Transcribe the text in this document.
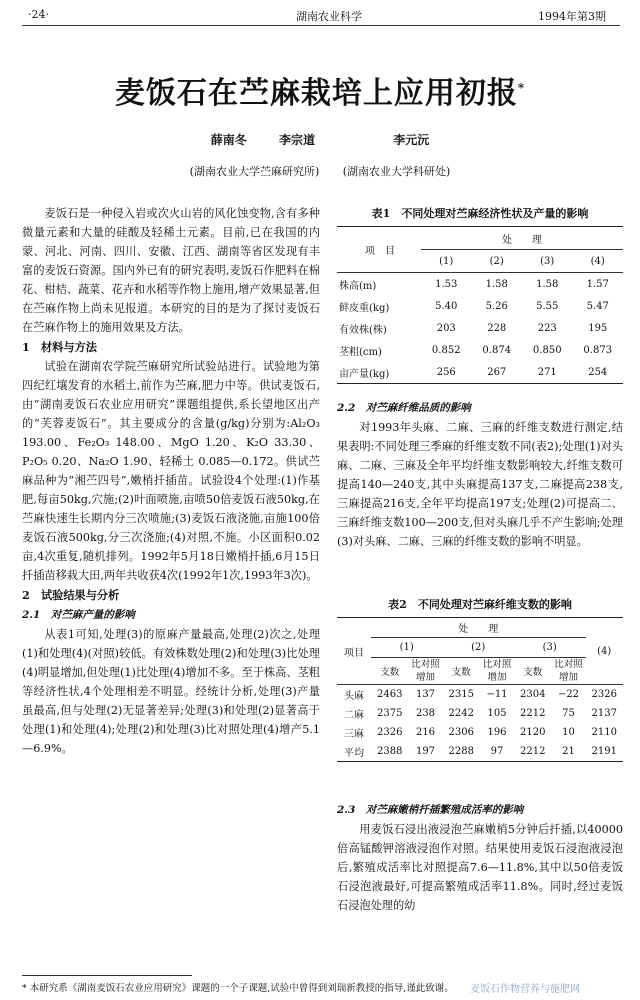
·24·	湖南农业科学	1994年第3期
麦饭石在苎麻栽培上应用初报*
薛南冬	李宗道	李元沅
(湖南农业大学苎麻研究所) (湖南农业大学科研处)

麦饭石是一种侵入岩或次火山岩的风化蚀变物,含有多种微量元素和大量的硅酸及轻稀土元素。目前,已在我国的内蒙、河北、河南、四川、安徽、江西、湖南等省区发现有丰富的麦饭石资源。国内外已有的研究表明,麦饭石作肥料在棉花、柑桔、蔬菜、花卉和水稻等作物上施用,增产效果显著,但在苎麻作物上尚未见报道。本研究的目的是为了探讨麦饭石在苎麻作物上的施用效果及方法。

1　材料与方法

试验在湖南农学院苎麻研究所试验站进行。试验地为第四纪红壤发育的水稻土,前作为苎麻,肥力中等。供试麦饭石,由“湖南麦饭石农业应用研究”课题组提供,系长望地区出产的“芙蓉麦饭石”。其主要成分的含量(g/kg)分别为:Al₂O₃ 193.00、Fe₂O₃ 148.00、MgO 1.20、K₂O 33.30、P₂O₅ 0.20、Na₂O 1.90、轻稀土 0.085—0.172。供试苎麻品种为“湘苎四号”,嫩梢扦插苗。试验设4个处理:(1)作基肥,每亩50kg,穴施;(2)叶面喷施,亩喷50倍麦饭石液50kg,在苎麻快速生长期内分三次喷施;(3)麦饭石液浇施,亩施100倍麦饭石液500kg,分三次浇施;(4)对照,不施。小区面积0.02亩,4次重复,随机排列。1992年5月18日嫩梢扦插,6月15日扦插苗移栽大田,两年共收获4次(1992年1次,1993年3次)。

2　试验结果与分析
2.1　对苎麻产量的影响

从表1可知,处理(3)的原麻产量最高,处理(2)次之,处理(1)和处理(4)(对照)较低。有效株数处理(2)和处理(3)比处理(4)明显增加,但处理(1)比处理(4)增加不多。至于株高、茎粗等经济性状,4个处理相差不明显。经统计分析,处理(3)产量虽最高,但与处理(2)无显著差异;处理(3)和处理(2)显著高于处理(1)和处理(4);处理(2)和处理(3)比对照处理(4)增产5.1—6.9%。

表1　不同处理对苎麻经济性状及产量的影响
项　目	处　　理			
	(1)	(2)	(3)	(4)
株高(m)	1.53	1.58	1.58	1.57
鲜皮重(kg)	5.40	5.26	5.55	5.47
有效株(株)	203	228	223	195
茎粗(cm)	0.852	0.874	0.850	0.873
亩产量(kg)	256	267	271	254
2.2　对苎麻纤维品质的影响

对1993年头麻、二麻、三麻的纤维支数进行测定,结果表明:不同处理三季麻的纤维支数不同(表2);处理(1)对头麻、二麻、三麻及全年平均纤维支数影响较大,纤维支数可提高140—240支,其中头麻提高137支,二麻提高238支,三麻提高216支,全年平均提高197支;处理(2)可提高二、三麻纤维支数100—200支,但对头麻几乎不产生影响;处理(3)对头麻、二麻、三麻的纤维支数的影响不明显。

表2　不同处理对苎麻纤维支数的影响
项目	处　　理						(4)
	(1)		(2)		(3)		
	支数	比对照增加	支数	比对照增加	支数	比对照增加	
头麻	2463	137	2315	−11	2304	−22	2326
二麻	2375	238	2242	105	2212	75	2137
三麻	2326	216	2306	196	2120	10	2110
平均	2388	197	2288	97	2212	21	2191
2.3　对苎麻嫩梢扦插繁殖成活率的影响

用麦饭石浸出液浸泡苎麻嫩梢5分钟后扦插,以40000倍高锰酸钾溶液浸泡作对照。结果使用麦饭石浸泡液浸泡后,繁殖成活率比对照提高7.6—11.8%,其中以50倍麦饭石浸泡液最好,可提高繁殖成活率11.8%。同时,经过麦饭石浸泡处理的幼

* 本研究系《湖南麦饭石农业应用研究》课题的一个子课题,试验中曾得到刘瑞新教授的指导,谨此致谢。 麦饭石作物营养与施肥网
